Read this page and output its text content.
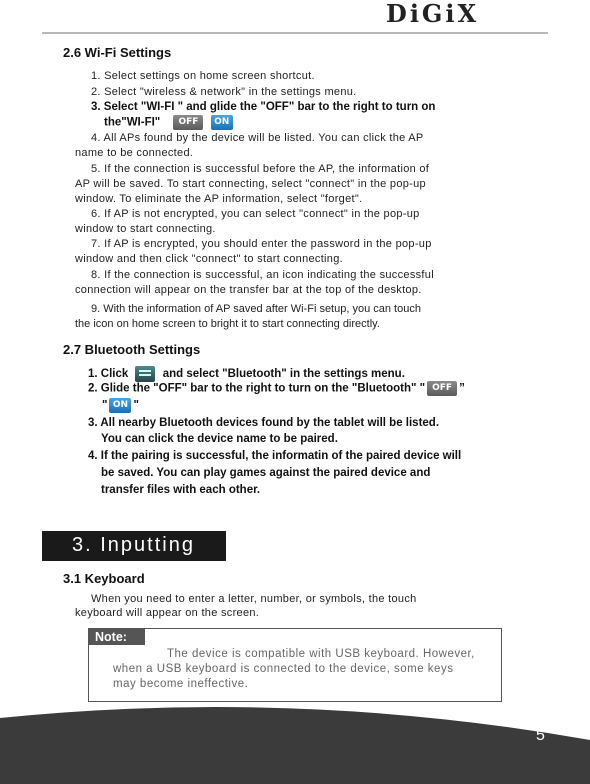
DiGiX
2.6 Wi-Fi Settings
1. Select settings on home screen shortcut.
2. Select "wireless & network" in the settings menu.
3. Select "WI-FI " and glide the "OFF" bar to the right to turn on
the"WI-FI" OFF ON
4. All APs found by the device will be listed. You can click the AP
name to be connected.
5. If the connection is successful before the AP, the information of
AP will be saved. To start connecting, select "connect" in the pop-up
window. To eliminate the AP information, select "forget".
6. If AP is not encrypted, you can select "connect" in the pop-up
window to start connecting.
7. If AP is encrypted, you should enter the password in the pop-up
window and then click "connect" to start connecting.
8. If the connection is successful, an icon indicating the successful
connection will appear on the transfer bar at the top of the desktop.
9. With the information of AP saved after Wi-Fi setup, you can touch
the icon on home screen to bright it to start connecting directly.
2.7 Bluetooth Settings
1. Click	and select "Bluetooth" in the settings menu.
2. Glide the "OFF" bar to the right to turn on the "Bluetooth" " OFF ”
" ON "
3. All nearby Bluetooth devices found by the tablet will be listed.
You can click the device name to be paired.
4. If the pairing is successful, the informatin of the paired device will
be saved. You can play games against the paired device and
transfer files with each other.
3. Inputting
3.1 Keyboard
When you need to enter a letter, number, or symbols, the touch
keyboard will appear on the screen.
Note:
The device is compatible with USB keyboard. However,
when a USB keyboard is connected to the device, some keys
may become ineffective.
5
